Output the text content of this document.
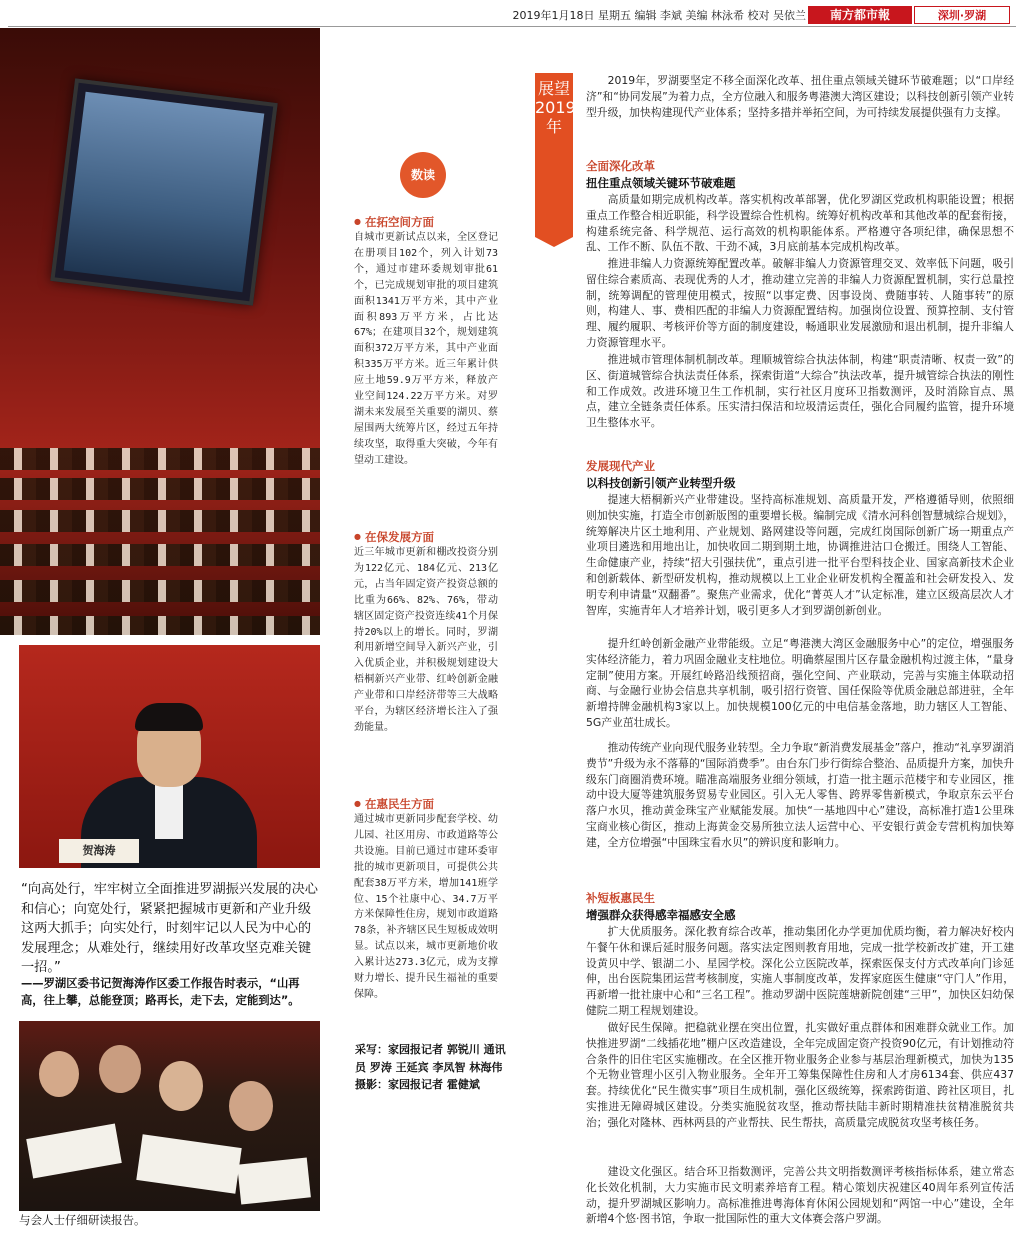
2019年1月18日 星期五 编辑 李斌 美编 林泳希 校对 吴依兰	南方都市報	深圳·罗湖
贺海涛

“向高处行，牢牢树立全面推进罗湖振兴发展的决心和信心；向宽处行，紧紧把握城市更新和产业升级这两大抓手；向实处行，时刻牢记以人民为中心的发展理念；从难处行，继续用好改革攻坚克难关键一招。”

——罗湖区委书记贺海涛作区委工作报告时表示，“山再高，往上攀，总能登顶；路再长，走下去，定能到达”。

与会人士仔细研读报告。

数读

● 在拓空间方面

自城市更新试点以来，全区登记在册项目102个，列入计划73个，通过市建环委规划审批61个，已完成规划审批的项目建筑面积1341万平方米，其中产业面积893万平方米，占比达67%；在建项目32个，规划建筑面积372万平方米，其中产业面积335万平方米。近三年累计供应土地59.9万平方米，释放产业空间124.22万平方米。对罗湖未来发展至关重要的湖贝、蔡屋围两大统筹片区，经过五年持续攻坚，取得重大突破，今年有望动工建设。

● 在保发展方面

近三年城市更新和棚改投资分别为122亿元、184亿元、213亿元，占当年固定资产投资总额的比重为66%、82%、76%，带动辖区固定资产投资连续41个月保持20%以上的增长。同时，罗湖利用新增空间导入新兴产业，引入优质企业，并积极规划建设大梧桐新兴产业带、红岭创新金融产业带和口岸经济带等三大战略平台，为辖区经济增长注入了强劲能量。

● 在惠民生方面

通过城市更新同步配套学校、幼儿园、社区用房、市政道路等公共设施。目前已通过市建环委审批的城市更新项目，可提供公共配套38万平方米，增加141班学位、15个社康中心、34.7万平方米保障性住房，规划市政道路78条，补齐辖区民生短板成效明显。试点以来，城市更新地价收入累计达273.3亿元，成为支撑财力增长、提升民生福祉的重要保障。

采写：家园报记者 郭锐川 通讯员 罗涛 王延宾 李凤智 林海伟 摄影：家园报记者 霍健斌

展望2019年

2019年，罗湖要坚定不移全面深化改革、扭住重点领域关键环节破难题；以“口岸经济”和“协同发展”为着力点，全方位融入和服务粤港澳大湾区建设；以科技创新引领产业转型升级，加快构建现代产业体系；坚持多措并举拓空间，为可持续发展提供强有力支撑。

全面深化改革

扭住重点领域关键环节破难题

高质量如期完成机构改革。落实机构改革部署，优化罗湖区党政机构职能设置；根据重点工作整合相近职能，科学设置综合性机构。统筹好机构改革和其他改革的配套衔接，构建系统完备、科学规范、运行高效的机构职能体系。严格遵守各项纪律，确保思想不乱、工作不断、队伍不散、干劲不减，3月底前基本完成机构改革。

推进非编人力资源统筹配置改革。破解非编人力资源管理交叉、效率低下问题，吸引留住综合素质高、表现优秀的人才，推动建立完善的非编人力资源配置机制，实行总量控制，统筹调配的管理使用模式，按照“以事定费、因事设岗、费随事转、人随事转”的原则，构建人、事、费相匹配的非编人力资源配置结构。加强岗位设置、预算控制、支付管理、履约履职、考核评价等方面的制度建设，畅通职业发展激励和退出机制，提升非编人力资源管理水平。

推进城市管理体制机制改革。理顺城管综合执法体制，构建“职责清晰、权责一致”的区、街道城管综合执法责任体系，探索街道“大综合”执法改革，提升城管综合执法的刚性和工作成效。改进环境卫生工作机制，实行社区月度环卫指数测评，及时消除盲点、黑点，建立全链条责任体系。压实清扫保洁和垃圾清运责任，强化合同履约监管，提升环境卫生整体水平。

发展现代产业

以科技创新引领产业转型升级

提速大梧桐新兴产业带建设。坚持高标准规划、高质量开发，严格遵循导则，依照细则加快实施，打造全市创新版图的重要增长极。编制完成《清水河科创智慧城综合规划》，统筹解决片区土地利用、产业规划、路网建设等问题，完成红岗国际创新广场一期重点产业项目遴选和用地出让，加快收回二期到期土地，协调推进沽口仓搬迁。围绕人工智能、生命健康产业，持续“招大引强扶优”，重点引进一批平台型科技企业、国家高新技术企业和创新载体、新型研发机构，推动规模以上工业企业研发机构全覆盖和社会研发投入、发明专利申请量“双翻番”。聚焦产业需求，优化“菁英人才”认定标准，建立区级高层次人才智库，实施青年人才培养计划，吸引更多人才到罗湖创新创业。

提升红岭创新金融产业带能级。立足“粤港澳大湾区金融服务中心”的定位，增强服务实体经济能力，着力巩固金融业支柱地位。明确蔡屋围片区存量金融机构过渡主体，“量身定制”使用方案。开展红岭路沿线预招商，强化空间、产业联动，完善与实施主体联动招商、与金融行业协会信息共享机制，吸引招行资管、国任保险等优质金融总部进驻，全年新增持牌金融机构3家以上。加快规模100亿元的中电信基金落地，助力辖区人工智能、5G产业茁壮成长。

推动传统产业向现代服务业转型。全力争取“新消费发展基金”落户，推动“礼享罗湖消费节”升级为永不落幕的“国际消费季”。由台东门步行街综合整治、品质提升方案，加快升级东门商圈消费环境。瞄准高端服务业细分领域，打造一批主题示范楼宇和专业园区，推动中设大厦等建筑服务贸易专业园区。引入无人零售、跨界零售新模式，争取京东云平台落户水贝，推动黄金珠宝产业赋能发展。加快“一基地四中心”建设，高标准打造1公里珠宝商业核心街区，推动上海黄金交易所独立法人运营中心、平安银行黄金专营机构加快筹建，全方位增强“中国珠宝看水贝”的辨识度和影响力。

补短板惠民生

增强群众获得感幸福感安全感

扩大优质服务。深化教育综合改革，推动集团化办学更加优质均衡，着力解决好校内午餐午休和课后延时服务问题。落实法定图则教育用地，完成一批学校新改扩建，开工建设黄贝中学、银湖二小、星园学校。深化公立医院改革，探索医保支付方式改革向门诊延伸，出台医院集团运营考核制度，实施人事制度改革，发挥家庭医生健康“守门人”作用，再新增一批社康中心和“三名工程”。推动罗湖中医院莲塘新院创建“三甲”，加快区妇幼保健院二期工程规划建设。

做好民生保障。把稳就业摆在突出位置，扎实做好重点群体和困难群众就业工作。加快推进罗湖“二线插花地”棚户区改造建设，全年完成固定资产投资90亿元，有计划推动符合条件的旧住宅区实施棚改。在全区推开物业服务企业参与基层治理新模式，加快为135个无物业管理小区引入物业服务。全年开工筹集保障性住房和人才房6134套、供应437套。持续优化“民生微实事”项目生成机制，强化区级统筹，探索跨街道、跨社区项目，扎实推进无障碍城区建设。分类实施脱贫攻坚，推动帮扶陆丰新时期精准扶贫精准脱贫共治；强化对隆林、西林两县的产业帮扶、民生帮扶，高质量完成脱贫攻坚考核任务。

建设文化强区。结合环卫指数测评，完善公共文明指数测评考核指标体系，建立常态化长效化机制，大力实施市民文明素养培育工程。精心策划庆祝建区40周年系列宣传活动，提升罗湖城区影响力。高标准推进粤海体育休闲公园规划和“两馆一中心”建设，全年新增4个悠·图书馆，争取一批国际性的重大文体赛会落户罗湖。
